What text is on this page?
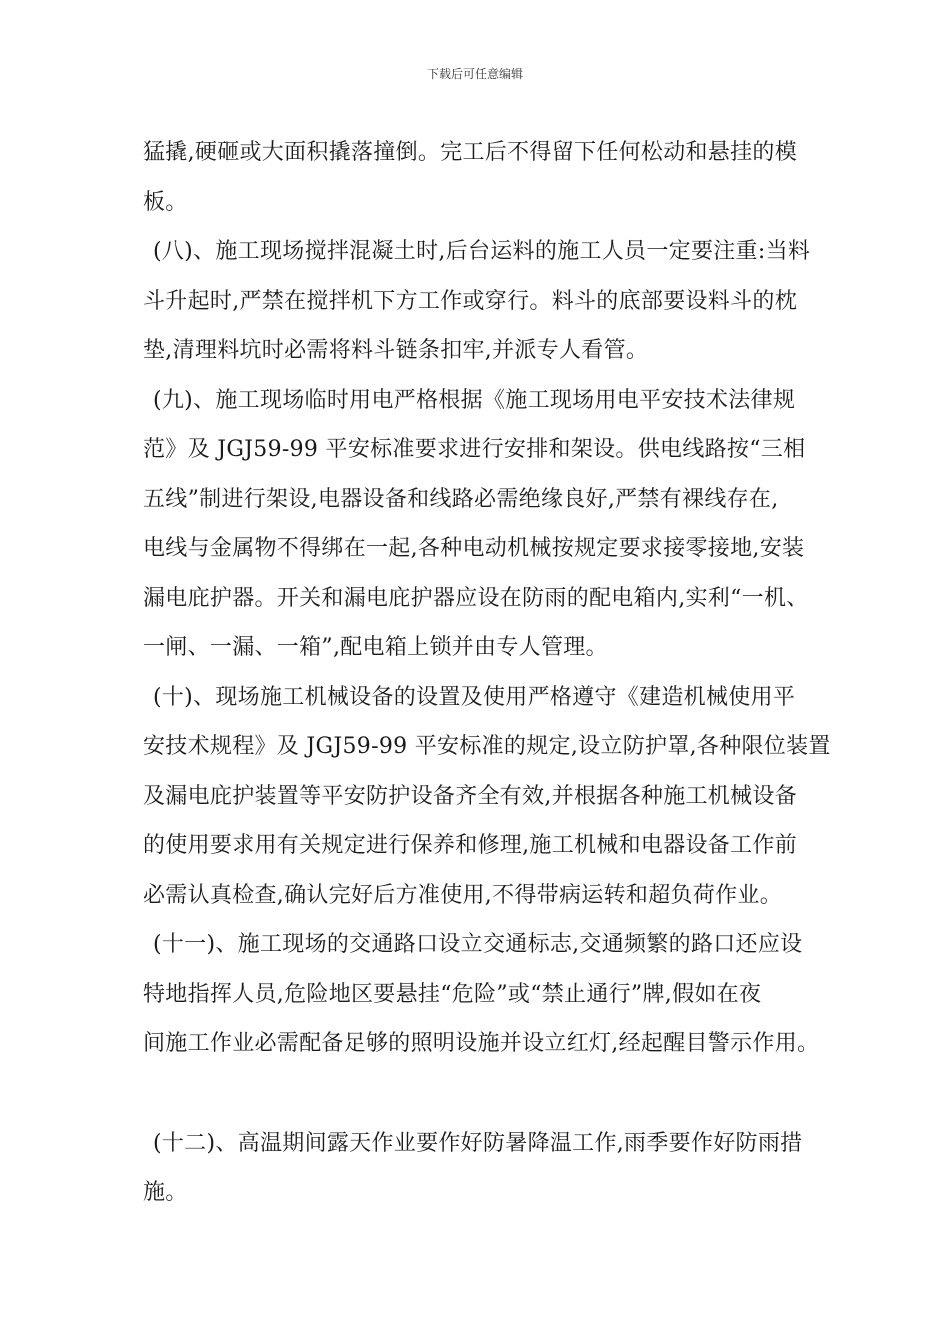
下载后可任意编辑
猛撬,硬砸或大面积撬落撞倒。完工后不得留下任何松动和悬挂的模
板。
(八)、施工现场搅拌混凝土时,后台运料的施工人员一定要注重:当料
斗升起时,严禁在搅拌机下方工作或穿行。料斗的底部要设料斗的枕
垫,清理料坑时必需将料斗链条扣牢,并派专人看管。
(九)、施工现场临时用电严格根据《施工现场用电平安技术法律规
范》及 JGJ59-99 平安标准要求进行安排和架设。供电线路按“三相
五线”制进行架设,电器设备和线路必需绝缘良好,严禁有裸线存在,
电线与金属物不得绑在一起,各种电动机械按规定要求接零接地,安装
漏电庇护器。开关和漏电庇护器应设在防雨的配电箱内,实利“一机、
一闸、一漏、一箱”,配电箱上锁并由专人管理。
(十)、现场施工机械设备的设置及使用严格遵守《建造机械使用平
安技术规程》及 JGJ59-99 平安标准的规定,设立防护罩,各种限位装置
及漏电庇护装置等平安防护设备齐全有效,并根据各种施工机械设备
的使用要求用有关规定进行保养和修理,施工机械和电器设备工作前
必需认真检查,确认完好后方准使用,不得带病运转和超负荷作业。
(十一)、施工现场的交通路口设立交通标志,交通频繁的路口还应设
特地指挥人员,危险地区要悬挂“危险”或“禁止通行”牌,假如在夜
间施工作业必需配备足够的照明设施并设立红灯,经起醒目警示作用。
(十二)、高温期间露天作业要作好防暑降温工作,雨季要作好防雨措
施。
